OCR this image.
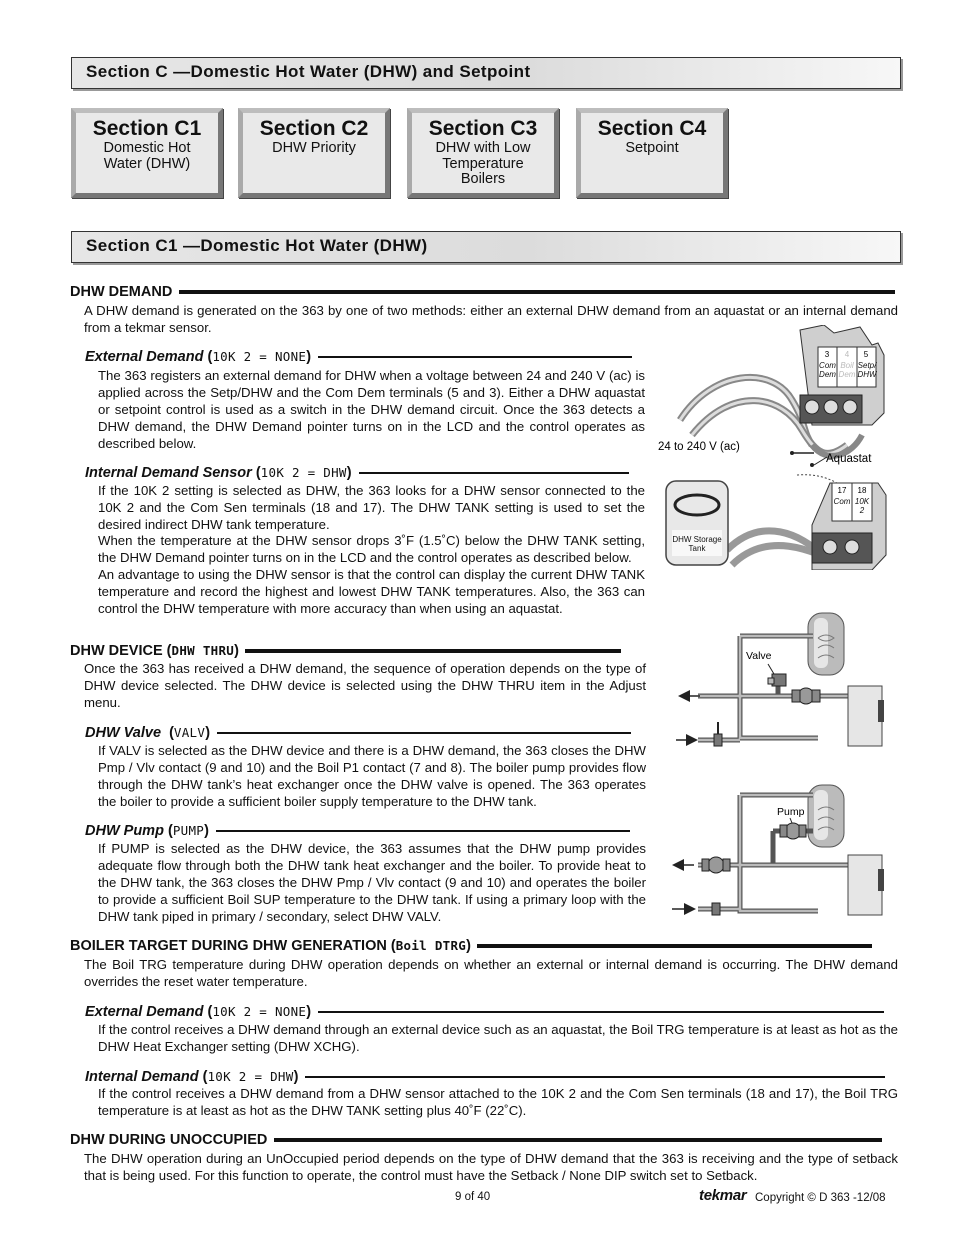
Section C —Domestic Hot Water (DHW) and Setpoint
Section C1
Domestic Hot Water (DHW)
Section C2
DHW Priority
Section C3
DHW with Low Temperature Boilers
Section C4
Setpoint
Section C1 —Domestic Hot Water (DHW)
DHW DEMAND
A DHW demand is generated on the 363 by one of two methods: either an external DHW demand from an aquastat or an internal demand from a tekmar sensor.
External Demand (10K 2 = NONE)
The 363 registers an external demand for DHW when a voltage between 24 and 240 V (ac) is applied across the Setp/DHW and the Com Dem terminals (5 and 3). Either a DHW aquastat or setpoint control is used as a switch in the DHW demand circuit. Once the 363 detects a DHW demand, the DHW Demand pointer turns on in the LCD and the control operates as described below.
Internal Demand Sensor (10K 2 = DHW)
If the 10K 2 setting is selected as DHW, the 363 looks for a DHW sensor connected to the 10K 2 and the Com Sen terminals (18 and 17). The DHW TANK setting is used to set the desired indirect DHW tank temperature.
When the temperature at the DHW sensor drops 3˚F (1.5˚C) below the DHW TANK setting, the DHW Demand pointer turns on in the LCD and the control operates as described below.
An advantage to using the DHW sensor is that the control can display the current DHW TANK temperature and record the highest and lowest DHW TANK temperatures. Also, the 363 can control the DHW temperature with more accuracy than when using an aquastat.
3 4 5
Com Dem
Boil Dem
Setp/ DHW
24 to 240 V (ac)
Aquastat
DHW Storage Tank
17 18
Com 10K 2
DHW DEVICE (DHW THRU)
Once the 363 has received a DHW demand, the sequence of operation depends on the type of DHW device selected. The DHW device is selected using the DHW THRU item in the Adjust menu.
DHW Valve  (VALV)
If VALV is selected as the DHW device and there is a DHW demand, the 363 closes the DHW Pmp / Vlv contact (9 and 10) and the Boil P1 contact (7 and 8). The boiler pump provides flow through the DHW tank’s heat exchanger once the DHW valve is opened. The 363 operates the boiler to provide a sufficient boiler supply temperature to the DHW tank.
DHW Pump (PUMP)
If PUMP is selected as the DHW device, the 363 assumes that the DHW pump provides adequate flow through both the DHW tank heat exchanger and the boiler. To provide heat to the DHW tank, the 363 closes the DHW Pmp / Vlv contact (9 and 10) and operates the boiler to provide a sufficient Boil SUP temperature to the DHW tank. If using a primary loop with the DHW tank piped in primary / secondary, select DHW VALV.
Valve
Pump
BOILER TARGET DURING DHW GENERATION (Boil DTRG)
The Boil TRG temperature during DHW operation depends on whether an external or internal demand is occurring. The DHW demand overrides the reset water temperature.
External Demand (10K 2 = NONE)
If the control receives a DHW demand through an external device such as an aquastat, the Boil TRG temperature is at least as hot as the DHW Heat Exchanger setting (DHW XCHG).
Internal Demand (10K 2 = DHW)
If the control receives a DHW demand from a DHW sensor attached to the 10K 2 and the Com Sen terminals (18 and 17), the Boil TRG temperature is at least as hot as the DHW TANK setting plus 40˚F (22˚C).
DHW DURING UNOCCUPIED
The DHW operation during an UnOccupied period depends on the type of DHW demand that the 363 is receiving and the type of setback that is being used. For this function to operate, the control must have the Setback / None DIP switch set to Setback.
9 of 40	tekmar Copyright © D 363 -12/08
